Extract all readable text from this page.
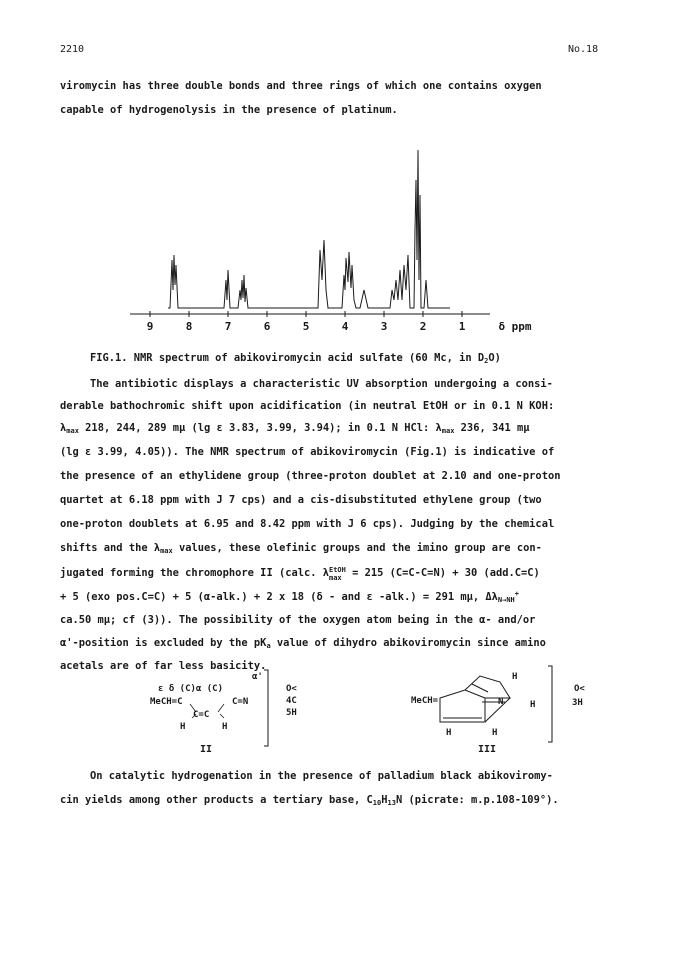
2210	No.18
viromycin has three double bonds and three rings of which one contains oxygen
capable of hydrogenolysis in the presence of platinum.
9	8	7	6	5	4	3	2	1	δ ppm
FIG.1. NMR spectrum of abikoviromycin acid sulfate (60 Mc, in $D_2O$)
The antibiotic displays a characteristic UV absorption undergoing a consi-
derable bathochromic shift upon acidification (in neutral EtOH or in 0.1 N KOH:
$\lambda_{max}$ 218, 244, 289 mμ (lg ε 3.83, 3.99, 3.94); in 0.1 N HCl: $\lambda_{max}$ 236, 341 mμ
(lg ε 3.99, 4.05)). The NMR spectrum of abikoviromycin (Fig.1) is indicative of
the presence of an ethylidene group (three-proton doublet at 2.10 and one-proton
quartet at 6.18 ppm with J 7 cps) and a cis-disubstituted ethylene group (two
one-proton doublets at 6.95 and 8.42 ppm with J 6 cps). Judging by the chemical
shifts and the $\lambda_{max}$ values, these olefinic groups and the imino group are con-
jugated forming the chromophore II (calc. λ EtOH
max = 215 (C=C-C=N) + 30 (add.C=C)
+ 5 (exo pos.C=C) + 5 (α-alk.) + 2 x 18 (δ - and ε -alk.) = 291 mμ, $\Delta\lambda_{N\to NH}^+$
ca.50 mμ; cf (3)). The possibility of the oxygen atom being in the α- and/or
α'-position is excluded by the $pK_a$ value of dihydro abikoviromycin since amino
acetals are of far less basicity.
α'
ε δ (C)α (C)
MeCH=C	C=N
C=C
H	H
O<
4C
5H
II
MeCH=
H
N	H
H	H
O<
3H
III
On catalytic hydrogenation in the presence of palladium black abikoviromy-
cin yields among other products a tertiary base, $C_{10}H_{13}N$ (picrate: m.p.108-109°).
